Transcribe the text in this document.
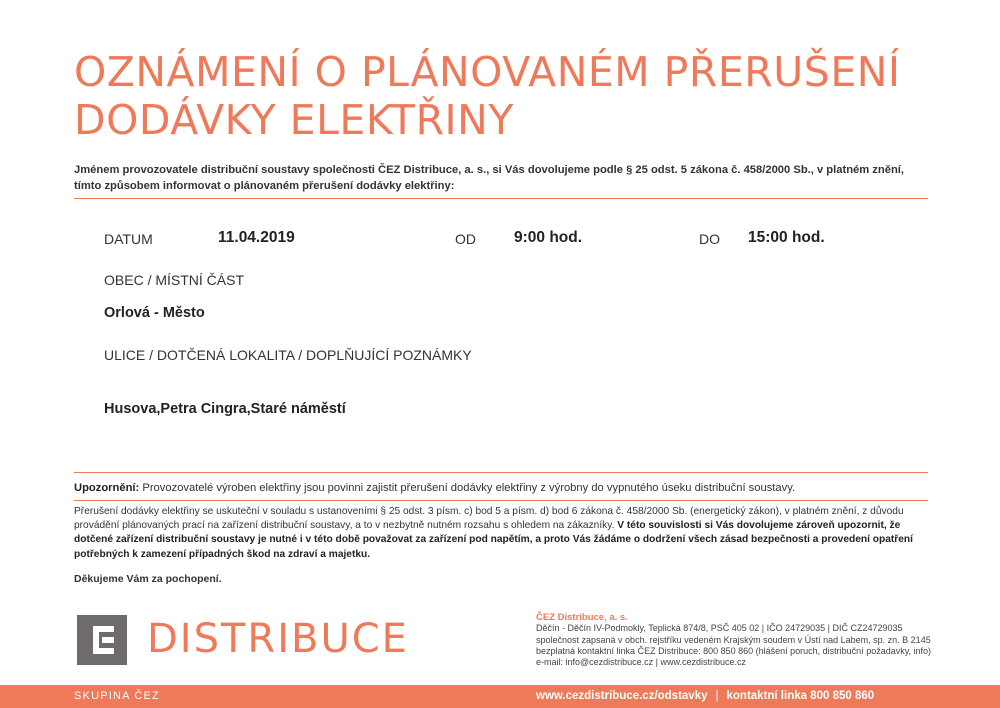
OZNÁMENÍ O PLÁNOVANÉM PŘERUŠENÍ
DODÁVKY ELEKTŘINY
Jménem provozovatele distribuční soustavy společnosti ČEZ Distribuce, a. s., si Vás dovolujeme podle § 25 odst. 5 zákona č. 458/2000 Sb., v platném znění, tímto způsobem informovat o plánovaném přerušení dodávky elektřiny:
DATUM	11.04.2019	OD 9:00 hod.	DO 15:00 hod.
OBEC / MÍSTNÍ ČÁST
Orlová - Město
ULICE / DOTČENÁ LOKALITA / DOPLŇUJÍCÍ POZNÁMKY
Husova,Petra Cingra,Staré náměstí
Upozornění: Provozovatelé výroben elektřiny jsou povinni zajistit přerušení dodávky elektřiny z výrobny do vypnutého úseku distribuční soustavy.
Přerušení dodávky elektřiny se uskuteční v souladu s ustanoveními § 25 odst. 3 písm. c) bod 5 a písm. d) bod 6 zákona č. 458/2000 Sb. (energetický zákon), v platném znění, z důvodu provádění plánovaných prací na zařízení distribuční soustavy, a to v nezbytně nutném rozsahu s ohledem na zákazníky. V této souvislosti si Vás dovolujeme zároveň upozornit, že dotčené zařízení distribuční soustavy je nutné i v této době považovat za zařízení pod napětím, a proto Vás žádáme o dodržení všech zásad bezpečnosti a provedení opatření potřebných k zamezení případných škod na zdraví a majetku.
Děkujeme Vám za pochopení.
DISTRIBUCE	ČEZ Distribuce, a. s.
Děčín - Děčín IV-Podmokly, Teplická 874/8, PSČ 405 02 | IČO 24729035 | DIČ CZ24729035
společnost zapsaná v obch. rejstříku vedeném Krajským soudem v Ústí nad Labem, sp. zn. B 2145
bezplatná kontaktní linka ČEZ Distribuce: 800 850 860 (hlášení poruch, distribuční požadavky, info)
e-mail: info@cezdistribuce.cz | www.cezdistribuce.cz
SKUPINA ČEZ	www.cezdistribuce.cz/odstavky | kontaktní linka 800 850 860
